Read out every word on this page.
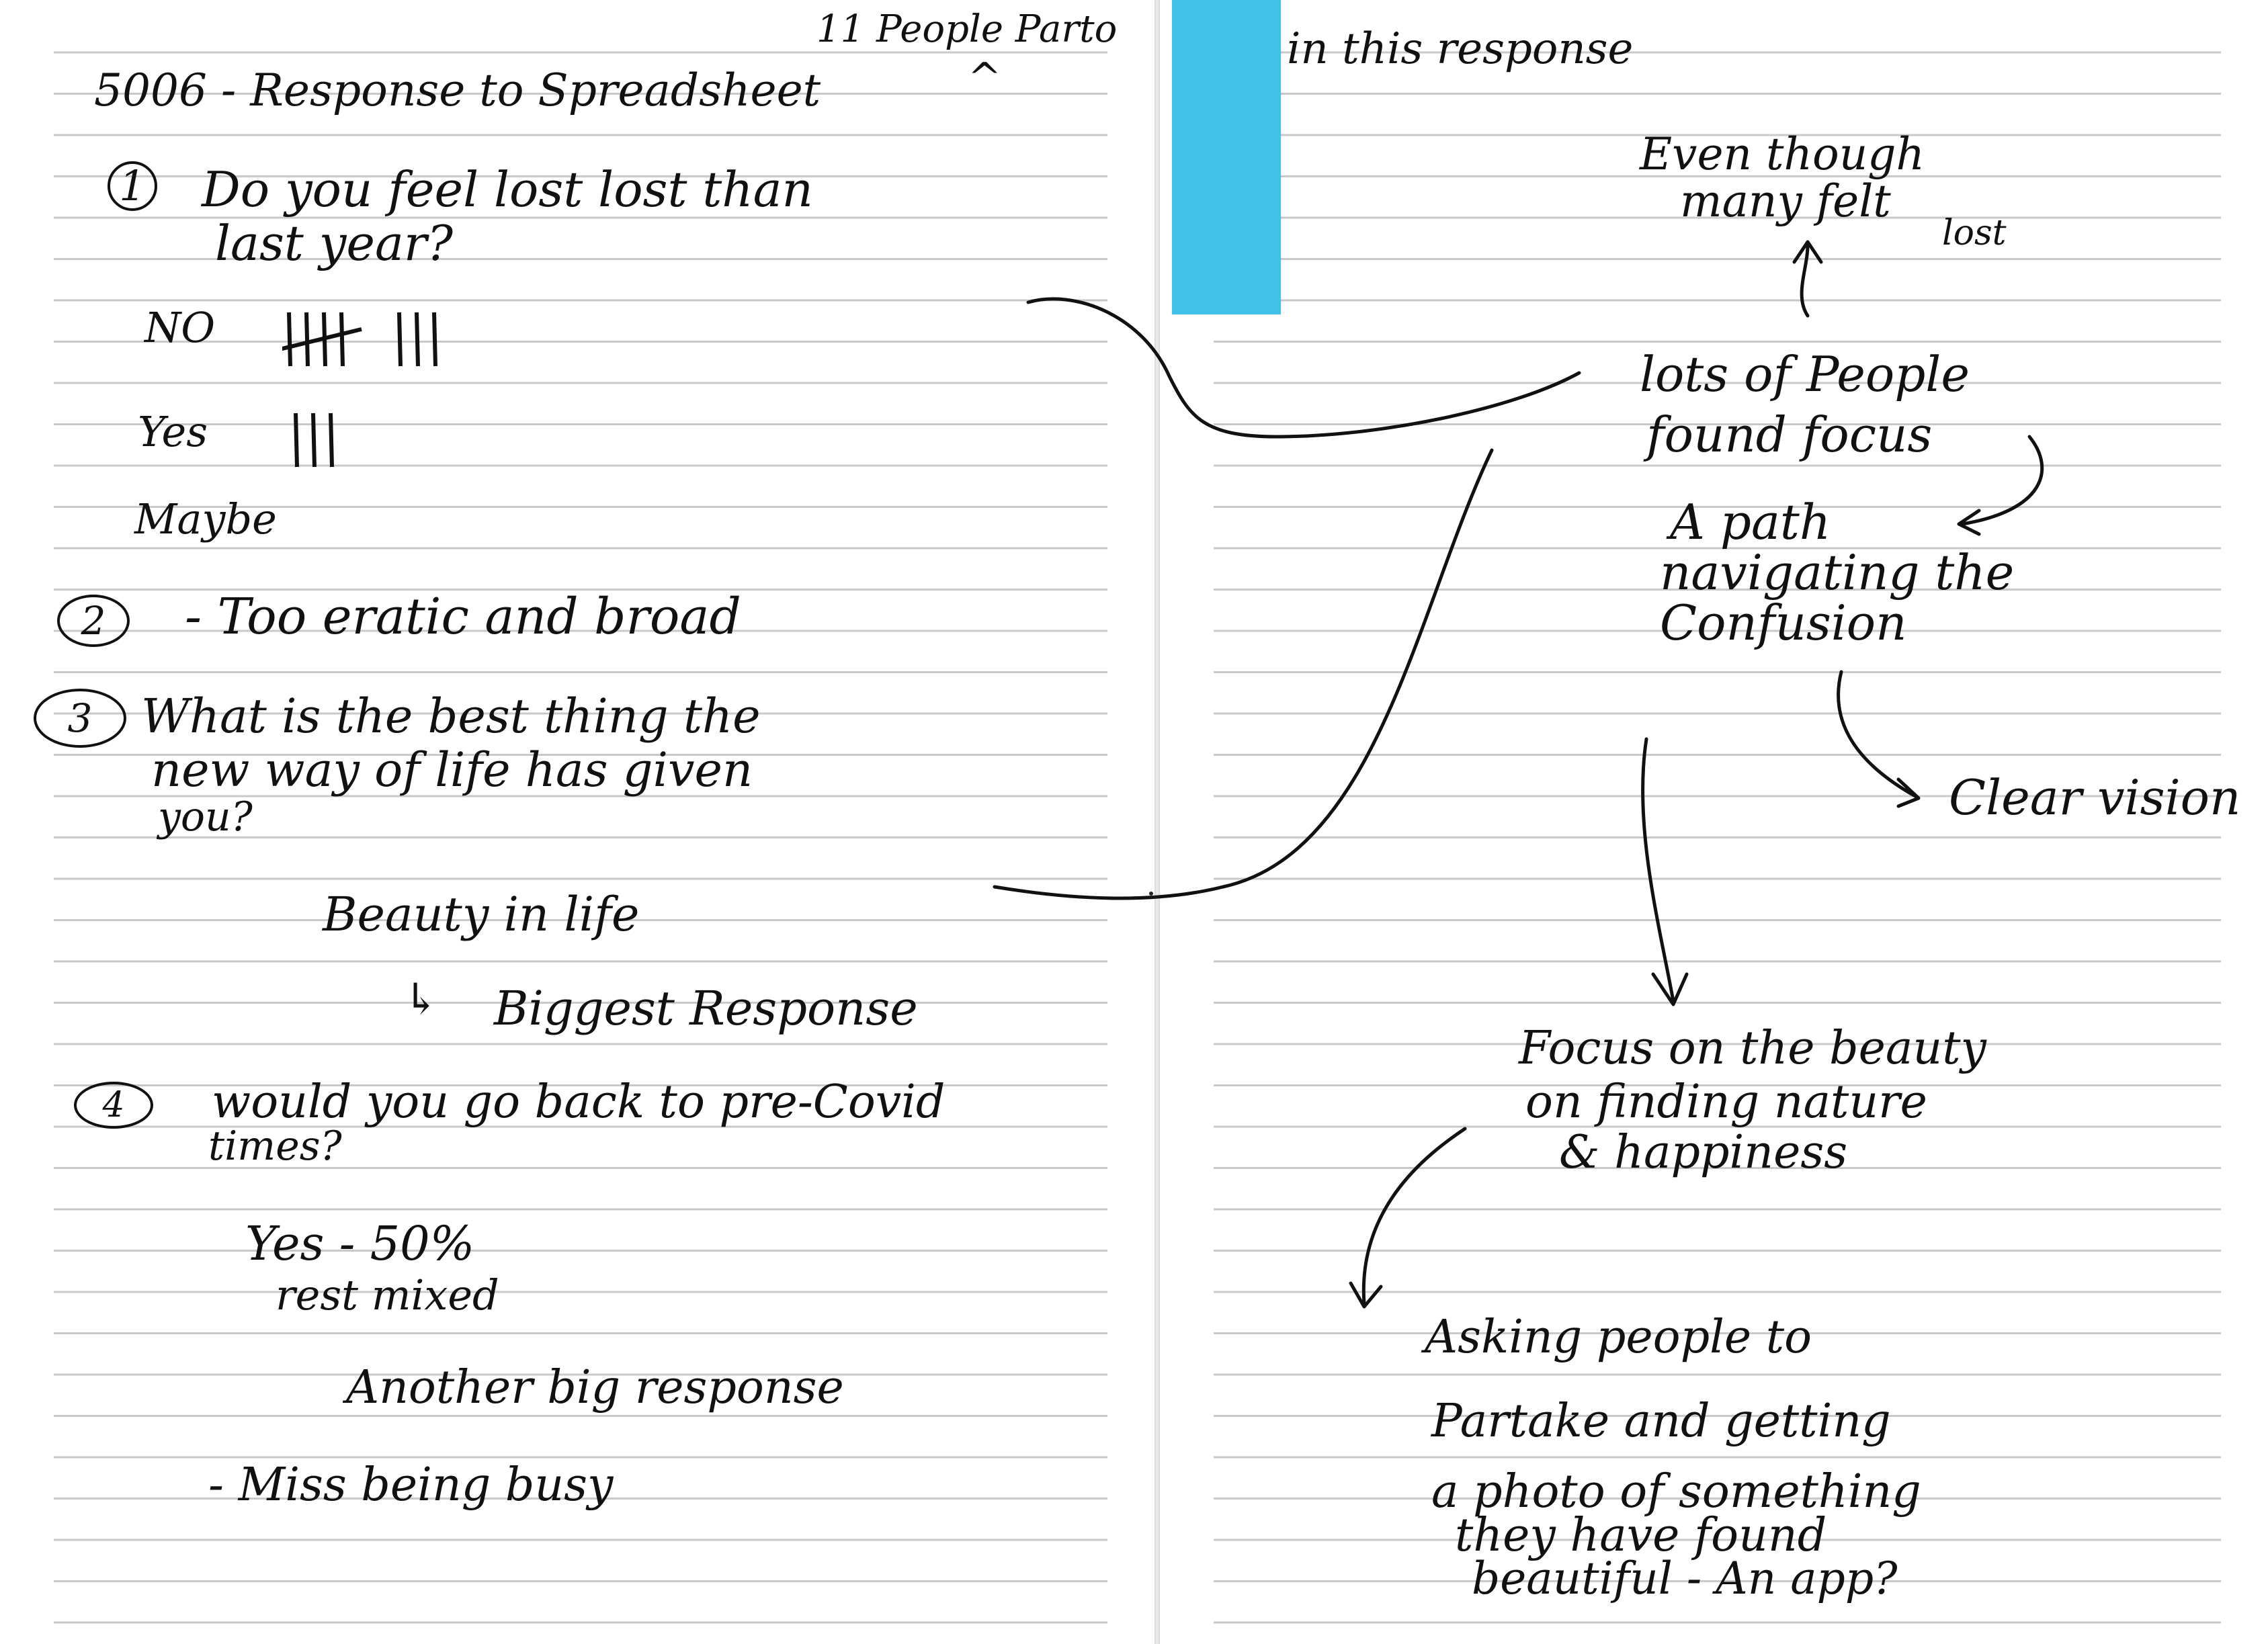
5006 - Response to Spreadsheet
1 Do you feel lost lost than
last year?
NO
Yes
Maybe
2	- Too eratic and broad
3	What is the best thing the
new way of life has given
you?
Beauty in life
↳ Biggest Response
4	would you go back to pre-Covid
times?
Yes - 50%
rest mixed
Another big response
- Miss being busy
11 People Parto
^
in this response
Even though
many felt
lost
lots of People
found focus
A path
navigating the
Confusion
Clear vision
Focus on the beauty
on finding nature
& happiness
Asking people to
Partake and getting
a photo of something
they have found
beautiful - An app?
